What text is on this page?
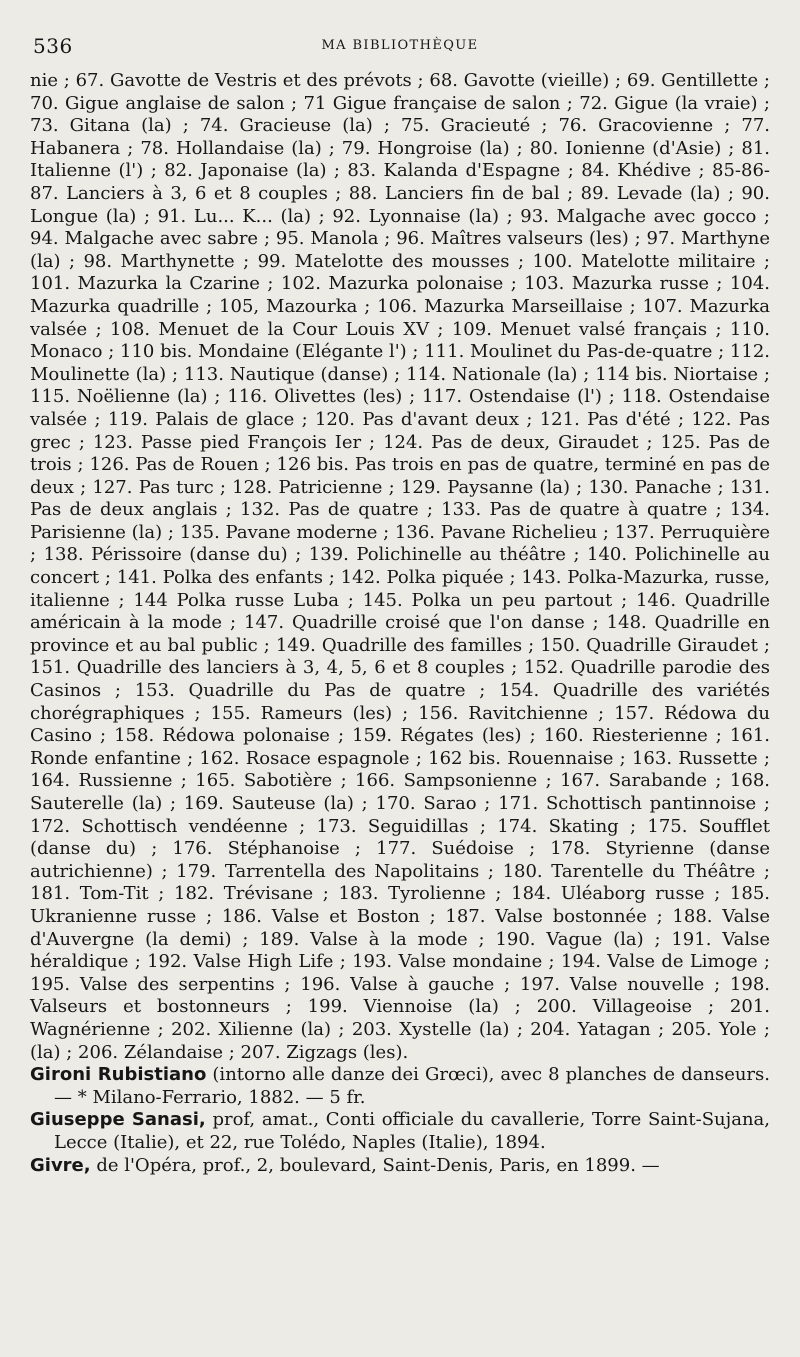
536	MA BIBLIOTHÈQUE

nie ; 67. Gavotte de Vestris et des prévots ; 68. Gavotte (vieille) ; 69. Gentillette ; 70. Gigue anglaise de salon ; 71 Gigue française de salon ; 72. Gigue (la vraie) ; 73. Gitana (la) ; 74. Gracieuse (la) ; 75. Gracieuté ; 76. Gracovienne ; 77. Habanera ; 78. Hollandaise (la) ; 79. Hongroise (la) ; 80. Ionienne (d'Asie) ; 81. Italienne (l') ; 82. Japonaise (la) ; 83. Kalanda d'Espagne ; 84. Khédive ; 85-86-87. Lanciers à 3, 6 et 8 couples ; 88. Lanciers fin de bal ; 89. Levade (la) ; 90. Longue (la) ; 91. Lu... K... (la) ; 92. Lyonnaise (la) ; 93. Malgache avec gocco ; 94. Malgache avec sabre ; 95. Manola ; 96. Maîtres valseurs (les) ; 97. Marthyne (la) ; 98. Marthynette ; 99. Matelotte des mousses ; 100. Matelotte militaire ; 101. Mazurka la Czarine ; 102. Mazurka polonaise ; 103. Mazurka russe ; 104. Mazurka quadrille ; 105, Mazourka ; 106. Mazurka Marseillaise ; 107. Mazurka valsée ; 108. Menuet de la Cour Louis XV ; 109. Menuet valsé français ; 110. Monaco ; 110 bis. Mondaine (Elégante l') ; 111. Moulinet du Pas-de-quatre ; 112. Moulinette (la) ; 113. Nautique (danse) ; 114. Nationale (la) ; 114 bis. Niortaise ; 115. Noëlienne (la) ; 116. Olivettes (les) ; 117. Ostendaise (l') ; 118. Ostendaise valsée ; 119. Palais de glace ; 120. Pas d'avant deux ; 121. Pas d'été ; 122. Pas grec ; 123. Passe pied François Ier ; 124. Pas de deux, Giraudet ; 125. Pas de trois ; 126. Pas de Rouen ; 126 bis. Pas trois en pas de quatre, terminé en pas de deux ; 127. Pas turc ; 128. Patricienne ; 129. Paysanne (la) ; 130. Panache ; 131. Pas de deux anglais ; 132. Pas de quatre ; 133. Pas de quatre à quatre ; 134. Parisienne (la) ; 135. Pavane moderne ; 136. Pavane Richelieu ; 137. Perruquière ; 138. Périssoire (danse du) ; 139. Polichinelle au théâtre ; 140. Polichinelle au concert ; 141. Polka des enfants ; 142. Polka piquée ; 143. Polka-Mazurka, russe, italienne ; 144 Polka russe Luba ; 145. Polka un peu partout ; 146. Quadrille américain à la mode ; 147. Quadrille croisé que l'on danse ; 148. Quadrille en province et au bal public ; 149. Quadrille des familles ; 150. Quadrille Giraudet ; 151. Quadrille des lanciers à 3, 4, 5, 6 et 8 couples ; 152. Quadrille parodie des Casinos ; 153. Quadrille du Pas de quatre ; 154. Quadrille des variétés chorégraphiques ; 155. Rameurs (les) ; 156. Ravitchienne ; 157. Rédowa du Casino ; 158. Rédowa polonaise ; 159. Régates (les) ; 160. Riesterienne ; 161. Ronde enfantine ; 162. Rosace espagnole ; 162 bis. Rouennaise ; 163. Russette ; 164. Russienne ; 165. Sabotière ; 166. Sampsonienne ; 167. Sarabande ; 168. Sauterelle (la) ; 169. Sauteuse (la) ; 170. Sarao ; 171. Schottisch pantinnoise ; 172. Schottisch vendéenne ; 173. Seguidillas ; 174. Skating ; 175. Soufflet (danse du) ; 176. Stéphanoise ; 177. Suédoise ; 178. Styrienne (danse autrichienne) ; 179. Tarrentella des Napolitains ; 180. Tarentelle du Théâtre ; 181. Tom-Tit ; 182. Trévisane ; 183. Tyrolienne ; 184. Uléaborg russe ; 185. Ukranienne russe ; 186. Valse et Boston ; 187. Valse bostonnée ; 188. Valse d'Auvergne (la demi) ; 189. Valse à la mode ; 190. Vague (la) ; 191. Valse héraldique ; 192. Valse High Life ; 193. Valse mondaine ; 194. Valse de Limoge ; 195. Valse des serpentins ; 196. Valse à gauche ; 197. Valse nouvelle ; 198. Valseurs et bostonneurs ; 199. Viennoise (la) ; 200. Villageoise ; 201. Wagnérienne ; 202. Xilienne (la) ; 203. Xystelle (la) ; 204. Yatagan ; 205. Yole ; (la) ; 206. Zélandaise ; 207. Zigzags (les).

Gironi Rubistiano (intorno alle danze dei Grœci), avec 8 planches de danseurs. — * Milano-Ferrario, 1882. — 5 fr.

Giuseppe Sanasi, prof, amat., Conti officiale du cavallerie, Torre Saint-Sujana, Lecce (Italie), et 22, rue Tolédo, Naples (Italie), 1894.

Givre, de l'Opéra, prof., 2, boulevard, Saint-Denis, Paris, en 1899. —
